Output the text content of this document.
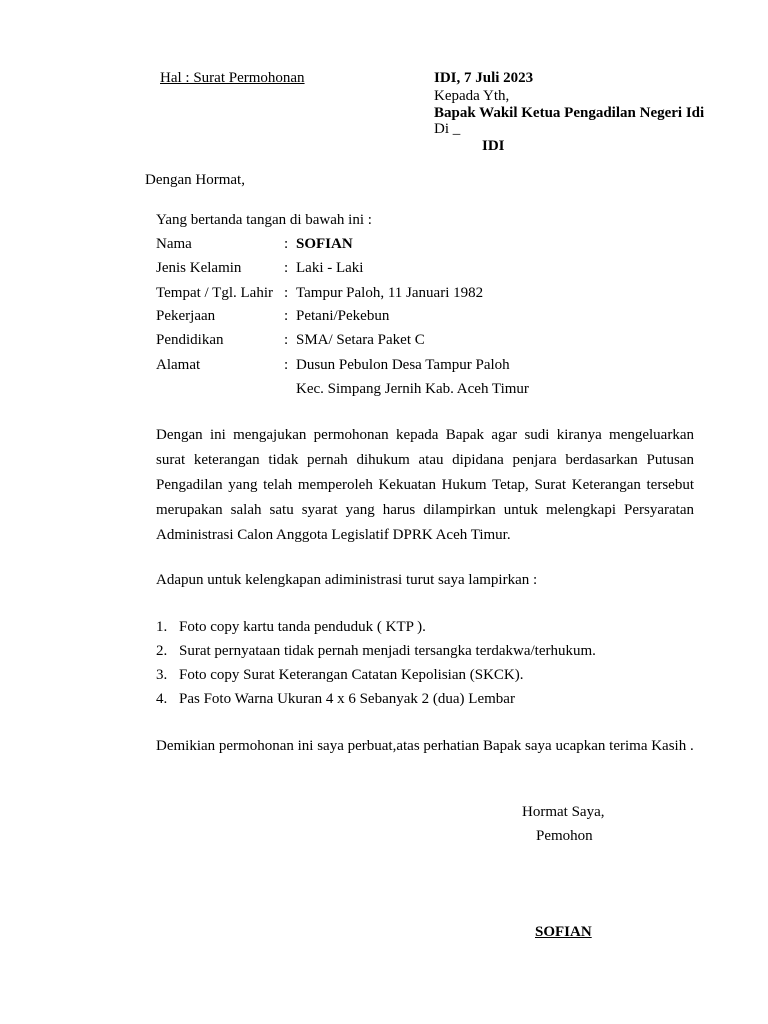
Hal : Surat Permohonan	IDI, 7 Juli 2023
Kepada Yth,
Bapak Wakil Ketua Pengadilan Negeri Idi
Di _
IDI
Dengan Hormat,
Yang bertanda tangan di bawah ini :
Nama	: SOFIAN
Jenis Kelamin	: Laki - Laki
Tempat / Tgl. Lahir : Tampur Paloh, 11 Januari 1982
Pekerjaan	: Petani/Pekebun
Pendidikan	: SMA/ Setara Paket C
Alamat	: Dusun Pebulon Desa Tampur Paloh
Kec. Simpang Jernih Kab. Aceh Timur
Dengan ini mengajukan permohonan kepada Bapak agar sudi kiranya mengeluarkan surat keterangan tidak pernah dihukum atau dipidana penjara berdasarkan Putusan Pengadilan yang telah memperoleh Kekuatan Hukum Tetap, Surat Keterangan tersebut merupakan salah satu syarat yang harus dilampirkan untuk melengkapi Persyaratan Administrasi Calon Anggota Legislatif DPRK Aceh Timur.
Adapun untuk kelengkapan adiministrasi turut saya lampirkan :
1. Foto copy kartu tanda penduduk ( KTP ).
2. Surat pernyataan tidak pernah menjadi tersangka terdakwa/terhukum.
3. Foto copy Surat Keterangan Catatan Kepolisian (SKCK).
4. Pas Foto Warna Ukuran 4 x 6 Sebanyak 2 (dua) Lembar
Demikian permohonan ini saya perbuat,atas perhatian Bapak saya ucapkan terima Kasih .
Hormat Saya,
Pemohon
SOFIAN
